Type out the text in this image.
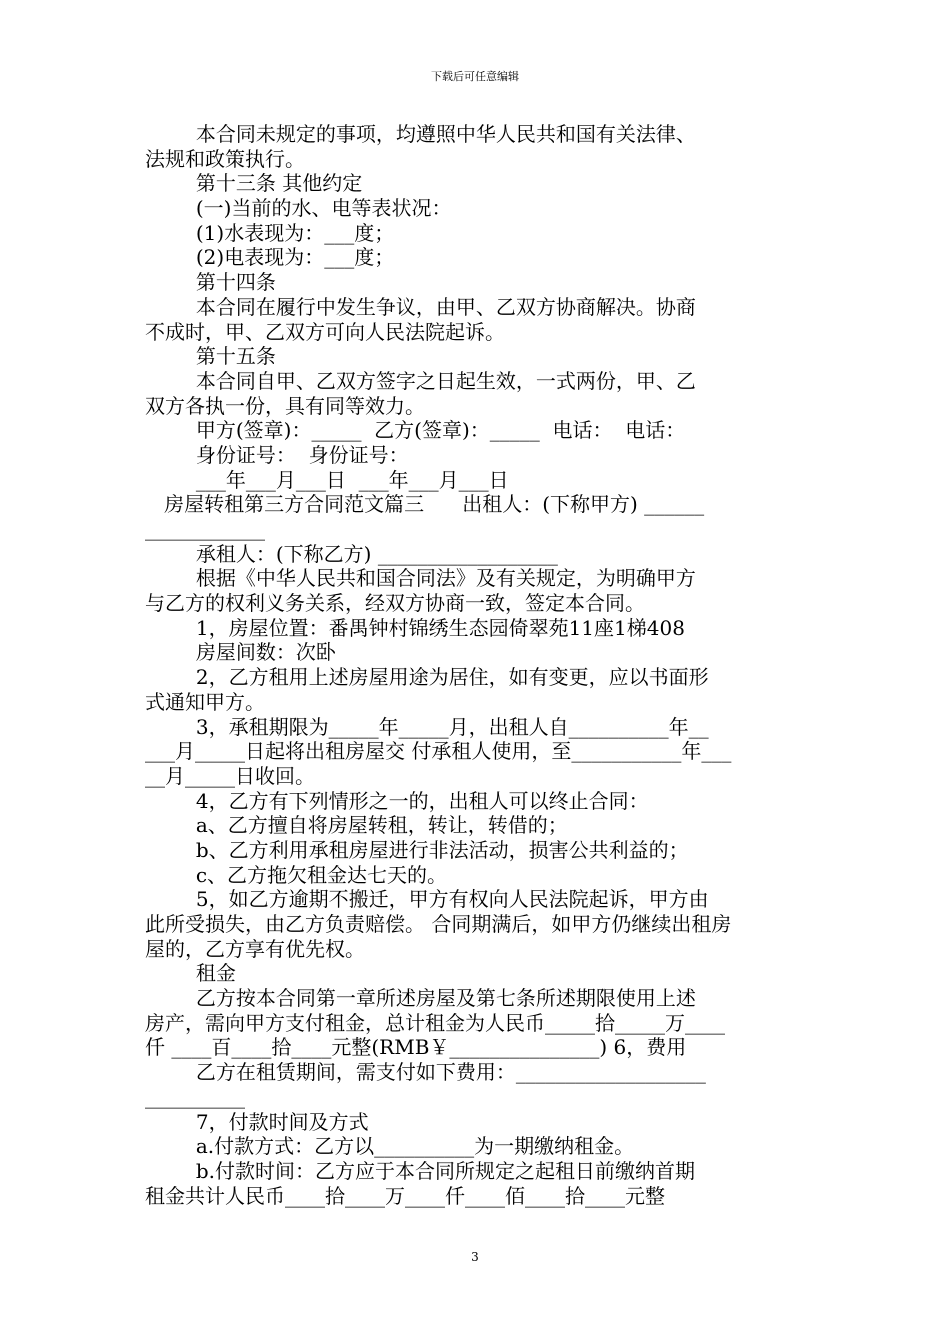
下载后可任意编辑
本合同未规定的事项，均遵照中华人民共和国有关法律、
法规和政策执行。
第十三条 其他约定
(一)当前的水、电等表状况：
(1)水表现为：___度；
(2)电表现为：___度；
第十四条
本合同在履行中发生争议，由甲、乙双方协商解决。协商
不成时，甲、乙双方可向人民法院起诉。
第十五条
本合同自甲、乙双方签字之日起生效，一式两份，甲、乙
双方各执一份，具有同等效力。
甲方(签章)：_____  乙方(签章)：_____  电话：  电话：
身份证号：  身份证号：
___年___月___日  ___年___月___日
房屋转租第三方合同范文篇三      出租人：(下称甲方) ______
____________
承租人：(下称乙方) __________________
根据《中华人民共和国合同法》及有关规定，为明确甲方
与乙方的权利义务关系，经双方协商一致，签定本合同。
1，房屋位置：番禺钟村锦绣生态园倚翠苑11座1梯408
房屋间数：次卧
2，乙方租用上述房屋用途为居住，如有变更，应以书面形
式通知甲方。
3，承租期限为_____年_____月，出租人自__________年__
___月_____日起将出租房屋交 付承租人使用，至___________年___
__月_____日收回。
4，乙方有下列情形之一的，出租人可以终止合同：
a、乙方擅自将房屋转租，转让，转借的；
b、乙方利用承租房屋进行非法活动，损害公共利益的；
c、乙方拖欠租金达七天的。
5，如乙方逾期不搬迁，甲方有权向人民法院起诉，甲方由
此所受损失，由乙方负责赔偿。 合同期满后，如甲方仍继续出租房
屋的，乙方享有优先权。
租金
乙方按本合同第一章所述房屋及第七条所述期限使用上述
房产，需向甲方支付租金，总计租金为人民币_____拾_____万____
仟 ____百____拾____元整(RMB￥_______________) 6，费用
乙方在租赁期间，需支付如下费用：___________________
__________
7，付款时间及方式
a.付款方式：乙方以__________为一期缴纳租金。
b.付款时间：乙方应于本合同所规定之起租日前缴纳首期
租金共计人民币____拾____万____仟____佰____拾____元整
3
